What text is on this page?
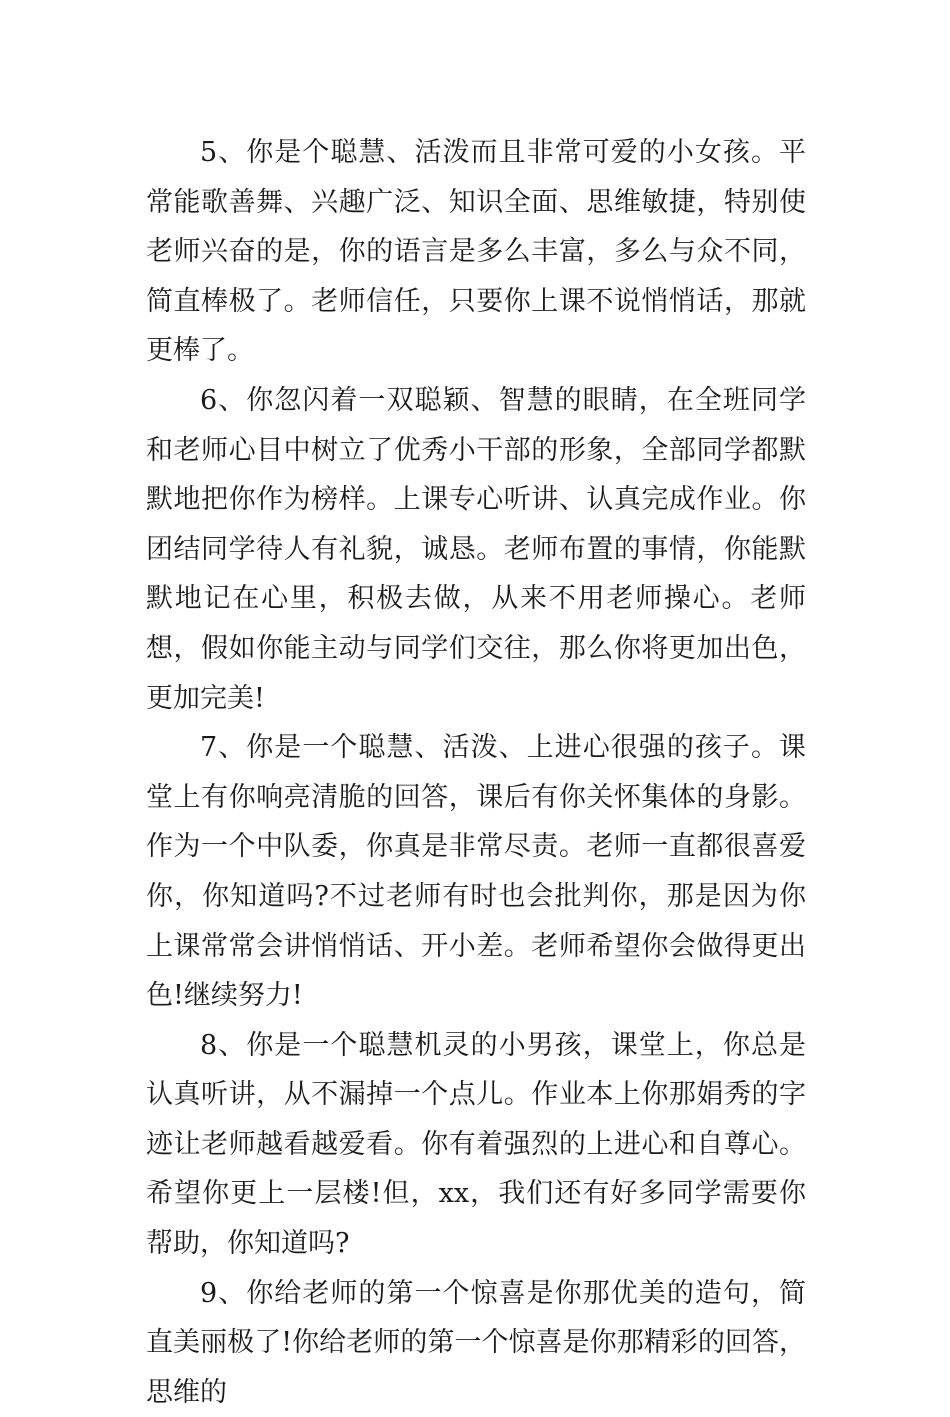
5、你是个聪慧、活泼而且非常可爱的小女孩。平常能歌善舞、兴趣广泛、知识全面、思维敏捷，特别使老师兴奋的是，你的语言是多么丰富，多么与众不同，简直棒极了。老师信任，只要你上课不说悄悄话，那就更棒了。

6、你忽闪着一双聪颖、智慧的眼睛，在全班同学和老师心目中树立了优秀小干部的形象，全部同学都默默地把你作为榜样。上课专心听讲、认真完成作业。你团结同学待人有礼貌，诚恳。老师布置的事情，你能默默地记在心里，积极去做，从来不用老师操心。老师想，假如你能主动与同学们交往，那么你将更加出色，更加完美!

7、你是一个聪慧、活泼、上进心很强的孩子。课堂上有你响亮清脆的回答，课后有你关怀集体的身影。作为一个中队委，你真是非常尽责。老师一直都很喜爱你，你知道吗?不过老师有时也会批判你，那是因为你上课常常会讲悄悄话、开小差。老师希望你会做得更出色!继续努力!

8、你是一个聪慧机灵的小男孩，课堂上，你总是认真听讲，从不漏掉一个点儿。作业本上你那娟秀的字迹让老师越看越爱看。你有着强烈的上进心和自尊心。希望你更上一层楼!但，xx，我们还有好多同学需要你帮助，你知道吗?

9、你给老师的第一个惊喜是你那优美的造句，简直美丽极了!你给老师的第一个惊喜是你那精彩的回答，思维的
